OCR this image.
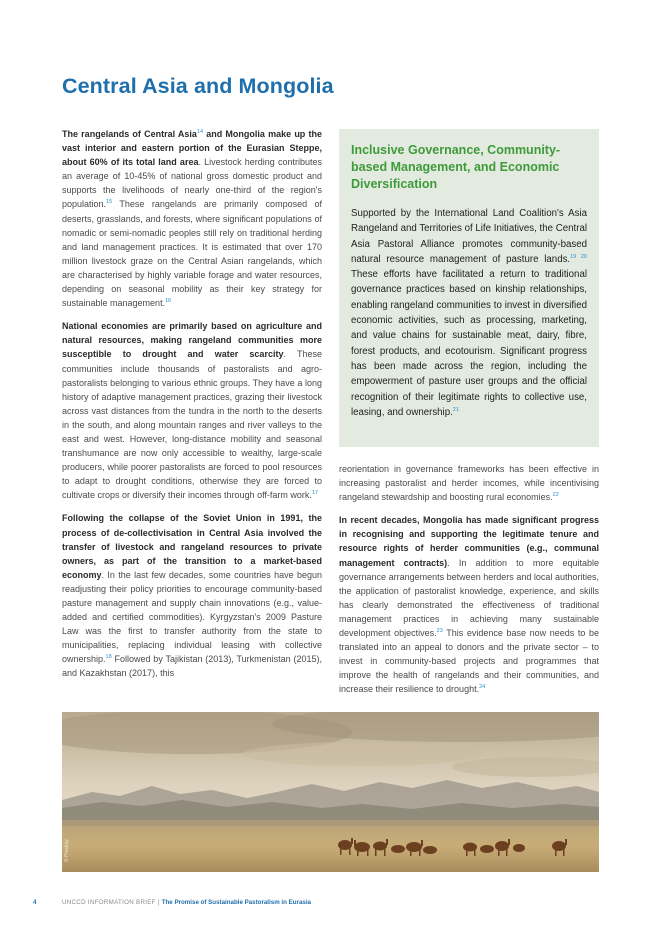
Central Asia and Mongolia

The rangelands of Central Asia$^{14}$ and Mongolia make up the vast interior and eastern portion of the Eurasian Steppe, about 60% of its total land area. Livestock herding contributes an average of 10-45% of national gross domestic product and supports the livelihoods of nearly one-third of the region's population.$^{15}$ These rangelands are primarily composed of deserts, grasslands, and forests, where significant populations of nomadic or semi-nomadic peoples still rely on traditional herding and land management practices. It is estimated that over 170 million livestock graze on the Central Asian rangelands, which are characterised by highly variable forage and water resources, depending on seasonal mobility as their key strategy for sustainable management.$^{16}$

National economies are primarily based on agriculture and natural resources, making rangeland communities more susceptible to drought and water scarcity. These communities include thousands of pastoralists and agro-pastoralists belonging to various ethnic groups. They have a long history of adaptive management practices, grazing their livestock across vast distances from the tundra in the north to the deserts in the south, and along mountain ranges and river valleys to the east and west. However, long-distance mobility and seasonal transhumance are now only accessible to wealthy, large-scale producers, while poorer pastoralists are forced to pool resources to adapt to drought conditions, otherwise they are forced to cultivate crops or diversify their incomes through off-farm work.$^{17}$

Following the collapse of the Soviet Union in 1991, the process of de-collectivisation in Central Asia involved the transfer of livestock and rangeland resources to private owners, as part of the transition to a market-based economy. In the last few decades, some countries have begun readjusting their policy priorities to encourage community-based pasture management and supply chain innovations (e.g., value-added and certified commodities). Kyrgyzstan's 2009 Pasture Law was the first to transfer authority from the state to municipalities, replacing individual leasing with collective ownership.$^{18}$ Followed by Tajikistan (2013), Turkmenistan (2015), and Kazakhstan (2017), this

Inclusive Governance, Community-based Management, and Economic Diversification
Supported by the International Land Coalition's Asia Rangeland and Territories of Life Initiatives, the Central Asia Pastoral Alliance promotes community-based natural resource management of pasture lands.$^{19 20}$ These efforts have facilitated a return to traditional governance practices based on kinship relationships, enabling rangeland communities to invest in diversified economic activities, such as processing, marketing, and value chains for sustainable meat, dairy, fibre, forest products, and ecotourism. Significant progress has been made across the region, including the empowerment of pasture user groups and the official recognition of their legitimate rights to collective use, leasing, and ownership.$^{21}$

reorientation in governance frameworks has been effective in increasing pastoralist and herder incomes, while incentivising rangeland stewardship and boosting rural economies.$^{22}$

In recent decades, Mongolia has made significant progress in recognising and supporting the legitimate tenure and resource rights of herder communities (e.g., communal management contracts). In addition to more equitable governance arrangements between herders and local authorities, the application of pastoralist knowledge, experience, and skills has clearly demonstrated the effectiveness of traditional management practices in achieving many sustainable development objectives.$^{23}$ This evidence base now needs to be translated into an appeal to donors and the private sector – to invest in community-based projects and programmes that improve the health of rangelands and their communities, and increase their resilience to drought.$^{24}$

© Pixabay
4	UNCCD INFORMATION BRIEF | The Promise of Sustainable Pastoralism in Eurasia
